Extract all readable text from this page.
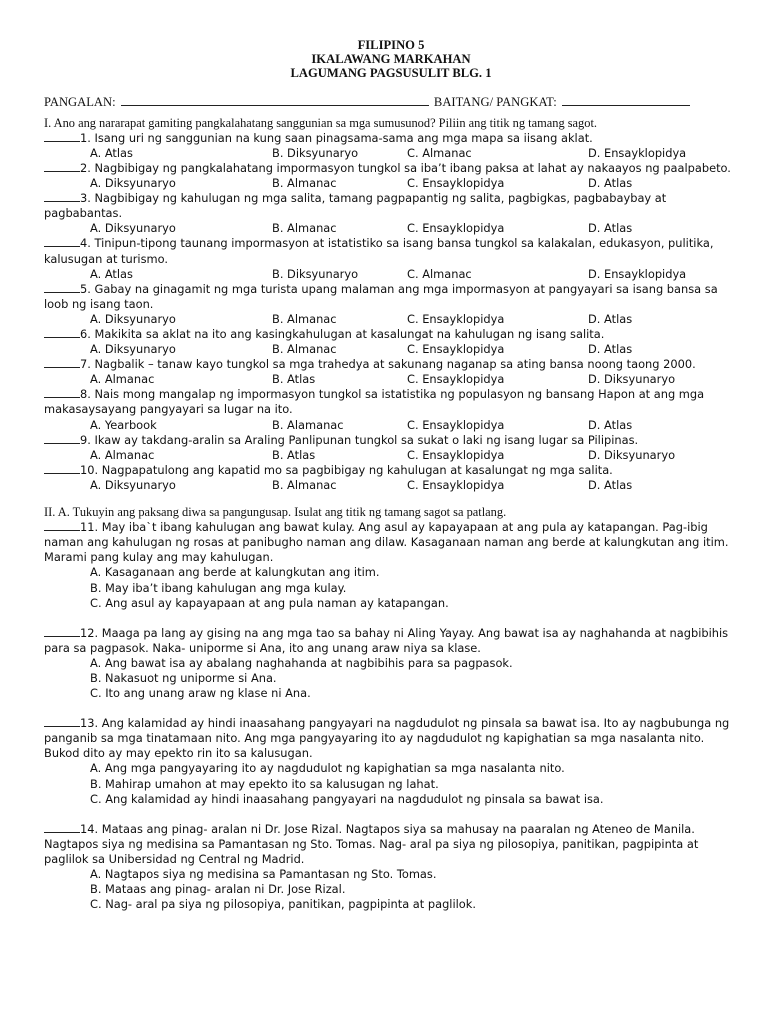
FILIPINO 5
IKALAWANG MARKAHAN
LAGUMANG PAGSUSULIT BLG. 1
PANGALAN:	BAITANG/ PANGKAT:
I. Ano ang nararapat gamiting pangkalahatang sanggunian sa mga sumusunod? Piliin ang titik ng tamang sagot.
1. Isang uri ng sanggunian na kung saan pinagsama-sama ang mga mapa sa iisang aklat.
A. Atlas	B. Diksyunaryo	C. Almanac	D. Ensayklopidya
2. Nagbibigay ng pangkalahatang impormasyon tungkol sa iba’t ibang paksa at lahat ay nakaayos ng paalpabeto.
A. Diksyunaryo	B. Almanac	C. Ensayklopidya	D. Atlas
3. Nagbibigay ng kahulugan ng mga salita, tamang pagpapantig ng salita, pagbigkas, pagbabaybay at pagbabantas.
A. Diksyunaryo	B. Almanac	C. Ensayklopidya	D. Atlas
4. Tinipun-tipong taunang impormasyon at istatistiko sa isang bansa tungkol sa kalakalan, edukasyon, pulitika, kalusugan at turismo.
A. Atlas	B. Diksyunaryo	C. Almanac	D. Ensayklopidya
5. Gabay na ginagamit ng mga turista upang malaman ang mga impormasyon at pangyayari sa isang bansa sa loob ng isang taon.
A. Diksyunaryo	B. Almanac	C. Ensayklopidya	D. Atlas
6. Makikita sa aklat na ito ang kasingkahulugan at kasalungat na kahulugan ng isang salita.
A. Diksyunaryo	B. Almanac	C. Ensayklopidya	D. Atlas
7. Nagbalik – tanaw kayo tungkol sa mga trahedya at sakunang naganap sa ating bansa noong taong 2000.
A. Almanac	B. Atlas	C. Ensayklopidya	D. Diksyunaryo
8. Nais mong mangalap ng impormasyon tungkol sa istatistika ng populasyon ng bansang Hapon at ang mga makasaysayang pangyayari sa lugar na ito.
A. Yearbook	B. Alamanac	C. Ensayklopidya	D. Atlas
9. Ikaw ay takdang-aralin sa Araling Panlipunan tungkol sa sukat o laki ng isang lugar sa Pilipinas.
A. Almanac	B. Atlas	C. Ensayklopidya	D. Diksyunaryo
10. Nagpapatulong ang kapatid mo sa pagbibigay ng kahulugan at kasalungat ng mga salita.
A. Diksyunaryo	B. Almanac	C. Ensayklopidya	D. Atlas
II. A. Tukuyin ang paksang diwa sa pangungusap. Isulat ang titik ng tamang sagot sa patlang.
11. May iba`t ibang kahulugan ang bawat kulay. Ang asul ay kapayapaan at ang pula ay katapangan. Pag-ibig naman ang kahulugan ng rosas at panibugho naman ang dilaw. Kasaganaan naman ang berde at kalungkutan ang itim. Marami pang kulay ang may kahulugan.
A. Kasaganaan ang berde at kalungkutan ang itim.
B. May iba’t ibang kahulugan ang mga kulay.
C. Ang asul ay kapayapaan at ang pula naman ay katapangan.
12. Maaga pa lang ay gising na ang mga tao sa bahay ni Aling Yayay. Ang bawat isa ay naghahanda at nagbibihis para sa pagpasok. Naka- uniporme si Ana, ito ang unang araw niya sa klase.
A. Ang bawat isa ay abalang naghahanda at nagbibihis para sa pagpasok.
B. Nakasuot ng uniporme si Ana.
C. Ito ang unang araw ng klase ni Ana.
13. Ang kalamidad ay hindi inaasahang pangyayari na nagdudulot ng pinsala sa bawat isa. Ito ay nagbubunga ng panganib sa mga tinatamaan nito. Ang mga pangyayaring ito ay nagdudulot ng kapighatian sa mga nasalanta nito. Bukod dito ay may epekto rin ito sa kalusugan.
A. Ang mga pangyayaring ito ay nagdudulot ng kapighatian sa mga nasalanta nito.
B. Mahirap umahon at may epekto ito sa kalusugan ng lahat.
C. Ang kalamidad ay hindi inaasahang pangyayari na nagdudulot ng pinsala sa bawat isa.
14. Mataas ang pinag- aralan ni Dr. Jose Rizal. Nagtapos siya sa mahusay na paaralan ng Ateneo de Manila. Nagtapos siya ng medisina sa Pamantasan ng Sto. Tomas. Nag- aral pa siya ng pilosopiya, panitikan, pagpipinta at paglilok sa Unibersidad ng Central ng Madrid.
A. Nagtapos siya ng medisina sa Pamantasan ng Sto. Tomas.
B. Mataas ang pinag- aralan ni Dr. Jose Rizal.
C. Nag- aral pa siya ng pilosopiya, panitikan, pagpipinta at paglilok.
